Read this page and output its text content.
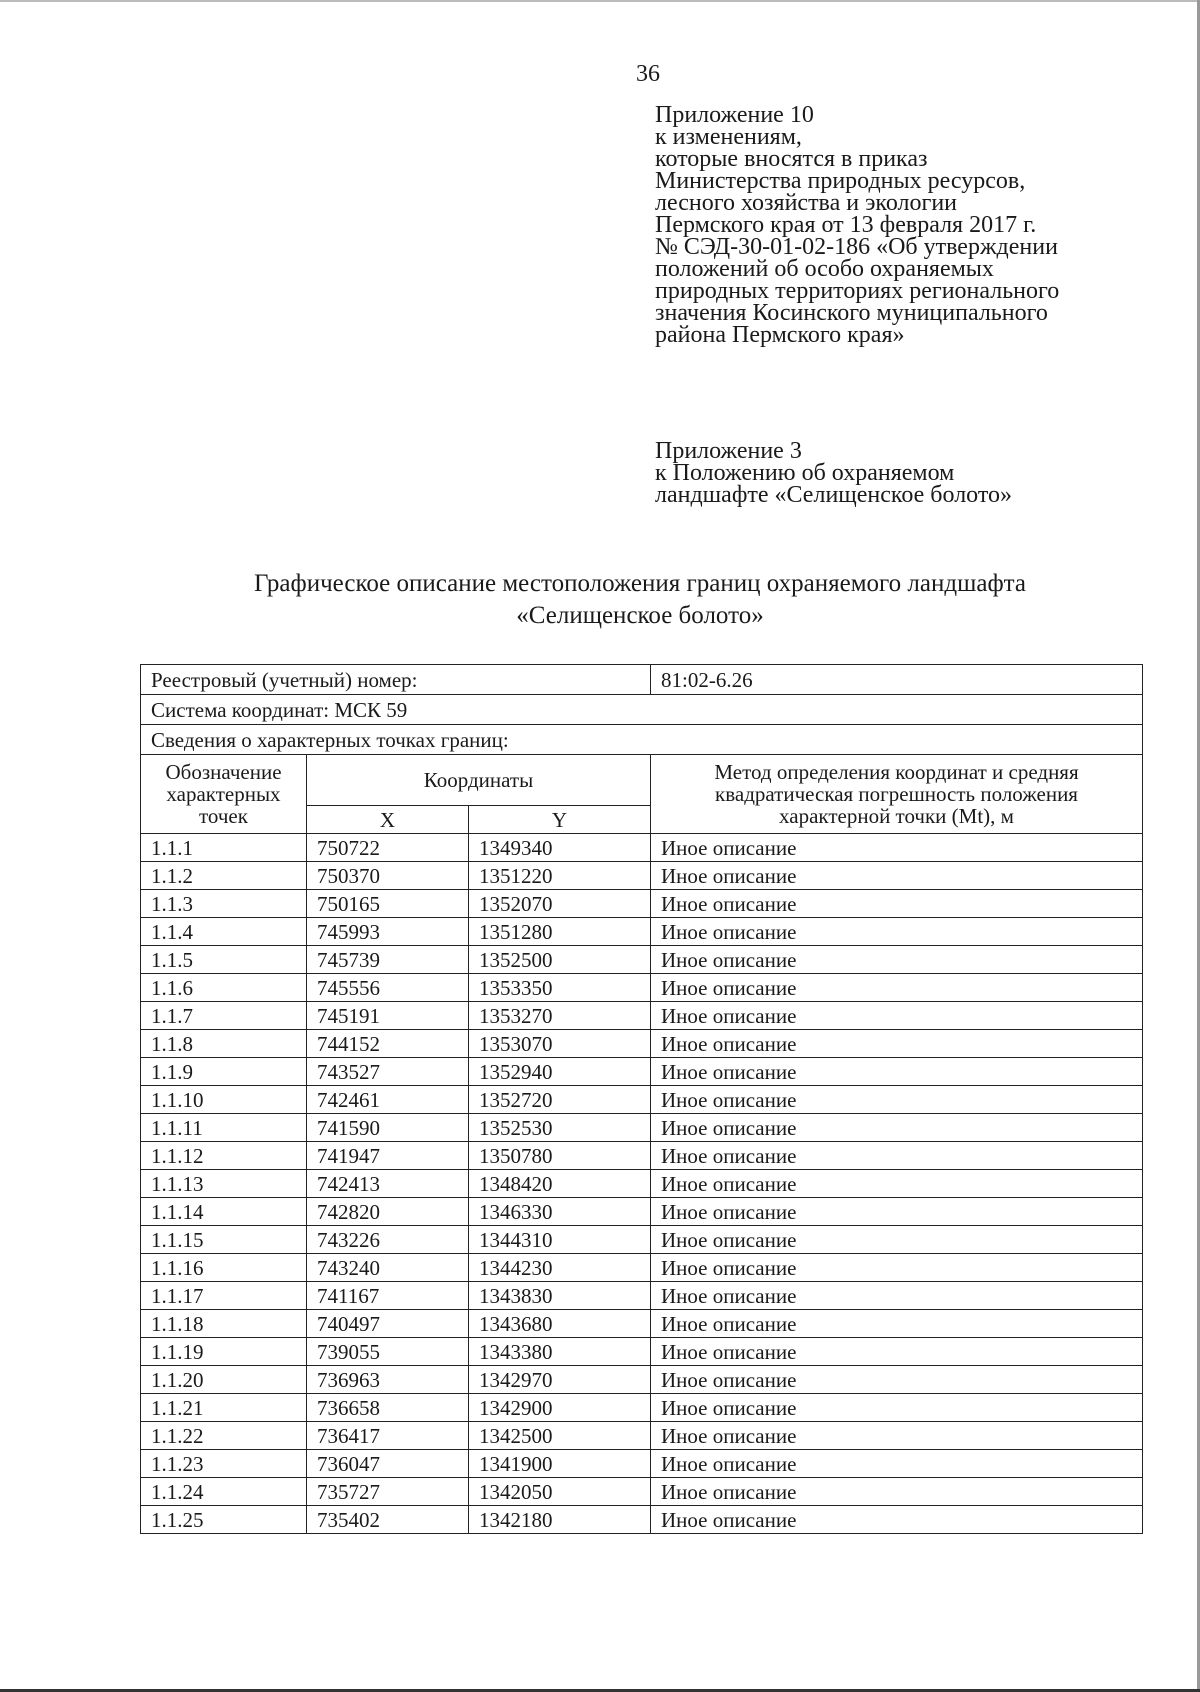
36
Приложение 10
к изменениям,
которые вносятся в приказ
Министерства природных ресурсов,
лесного хозяйства и экологии
Пермского края от 13 февраля 2017 г.
№ СЭД-30-01-02-186 «Об утверждении
положений об особо охраняемых
природных территориях регионального
значения Косинского муниципального
района Пермского края»
Приложение 3
к Положению об охраняемом
ландшафте «Селищенское болото»
Графическое описание местоположения границ охраняемого ландшафта
«Селищенское болото»
Реестровый (учетный) номер:			81:02-6.26
Система координат: МСК 59			
Сведения о характерных точках границ:			
Обозначение характерных точек	Координаты		Метод определения координат и средняя квадратическая погрешность положения характерной точки (Mt), м
	X	Y	
1.1.1	750722	1349340	Иное описание
1.1.2	750370	1351220	Иное описание
1.1.3	750165	1352070	Иное описание
1.1.4	745993	1351280	Иное описание
1.1.5	745739	1352500	Иное описание
1.1.6	745556	1353350	Иное описание
1.1.7	745191	1353270	Иное описание
1.1.8	744152	1353070	Иное описание
1.1.9	743527	1352940	Иное описание
1.1.10	742461	1352720	Иное описание
1.1.11	741590	1352530	Иное описание
1.1.12	741947	1350780	Иное описание
1.1.13	742413	1348420	Иное описание
1.1.14	742820	1346330	Иное описание
1.1.15	743226	1344310	Иное описание
1.1.16	743240	1344230	Иное описание
1.1.17	741167	1343830	Иное описание
1.1.18	740497	1343680	Иное описание
1.1.19	739055	1343380	Иное описание
1.1.20	736963	1342970	Иное описание
1.1.21	736658	1342900	Иное описание
1.1.22	736417	1342500	Иное описание
1.1.23	736047	1341900	Иное описание
1.1.24	735727	1342050	Иное описание
1.1.25	735402	1342180	Иное описание
